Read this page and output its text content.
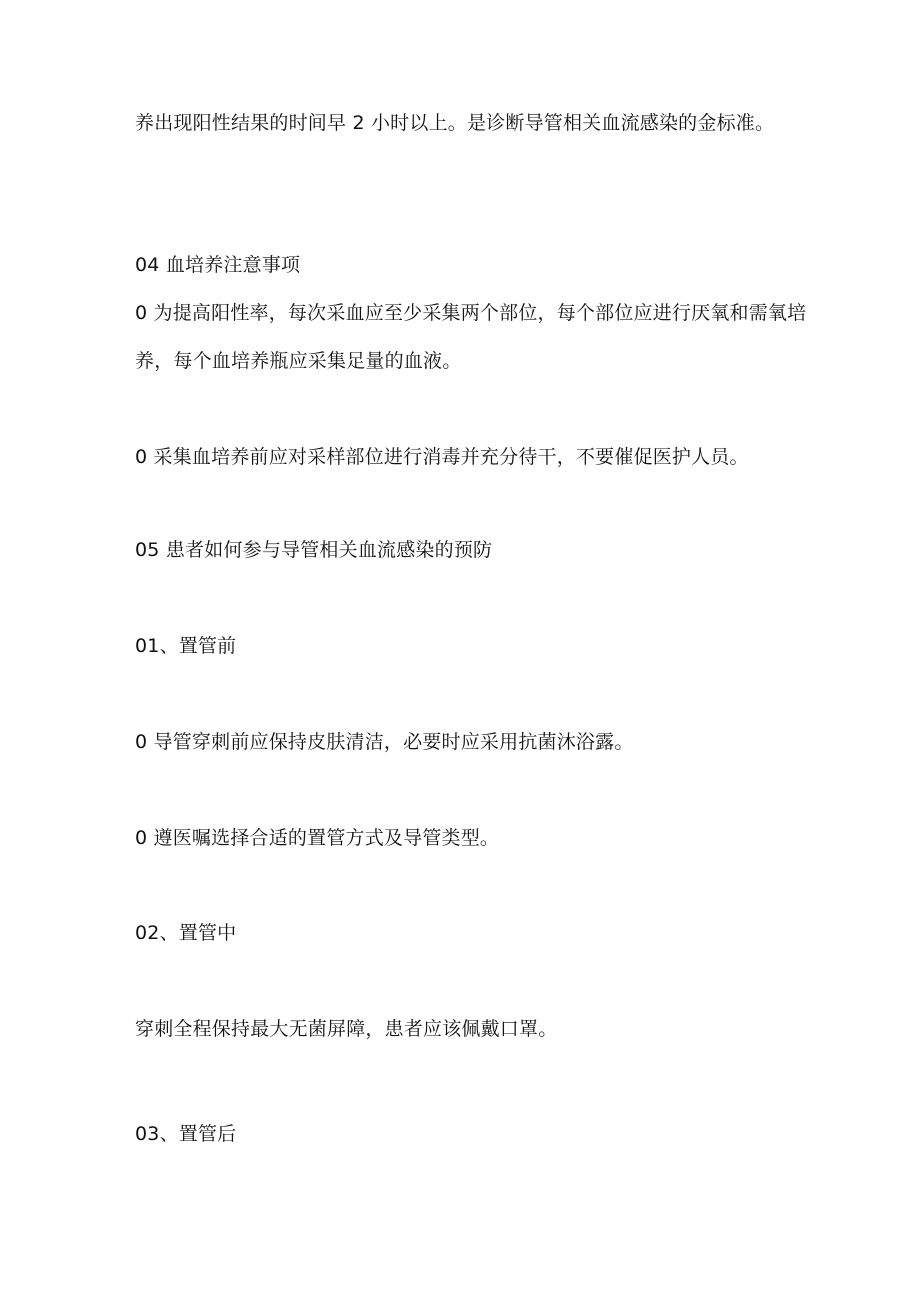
养出现阳性结果的时间早 2 小时以上。是诊断导管相关血流感染的金标准。
04 血培养注意事项
0 为提高阳性率，每次采血应至少采集两个部位，每个部位应进行厌氧和需氧培
养，每个血培养瓶应采集足量的血液。
0 采集血培养前应对采样部位进行消毒并充分待干，不要催促医护人员。
05 患者如何参与导管相关血流感染的预防
01、置管前
0 导管穿刺前应保持皮肤清洁，必要时应采用抗菌沐浴露。
0 遵医嘱选择合适的置管方式及导管类型。
02、置管中
穿刺全程保持最大无菌屏障，患者应该佩戴口罩。
03、置管后
